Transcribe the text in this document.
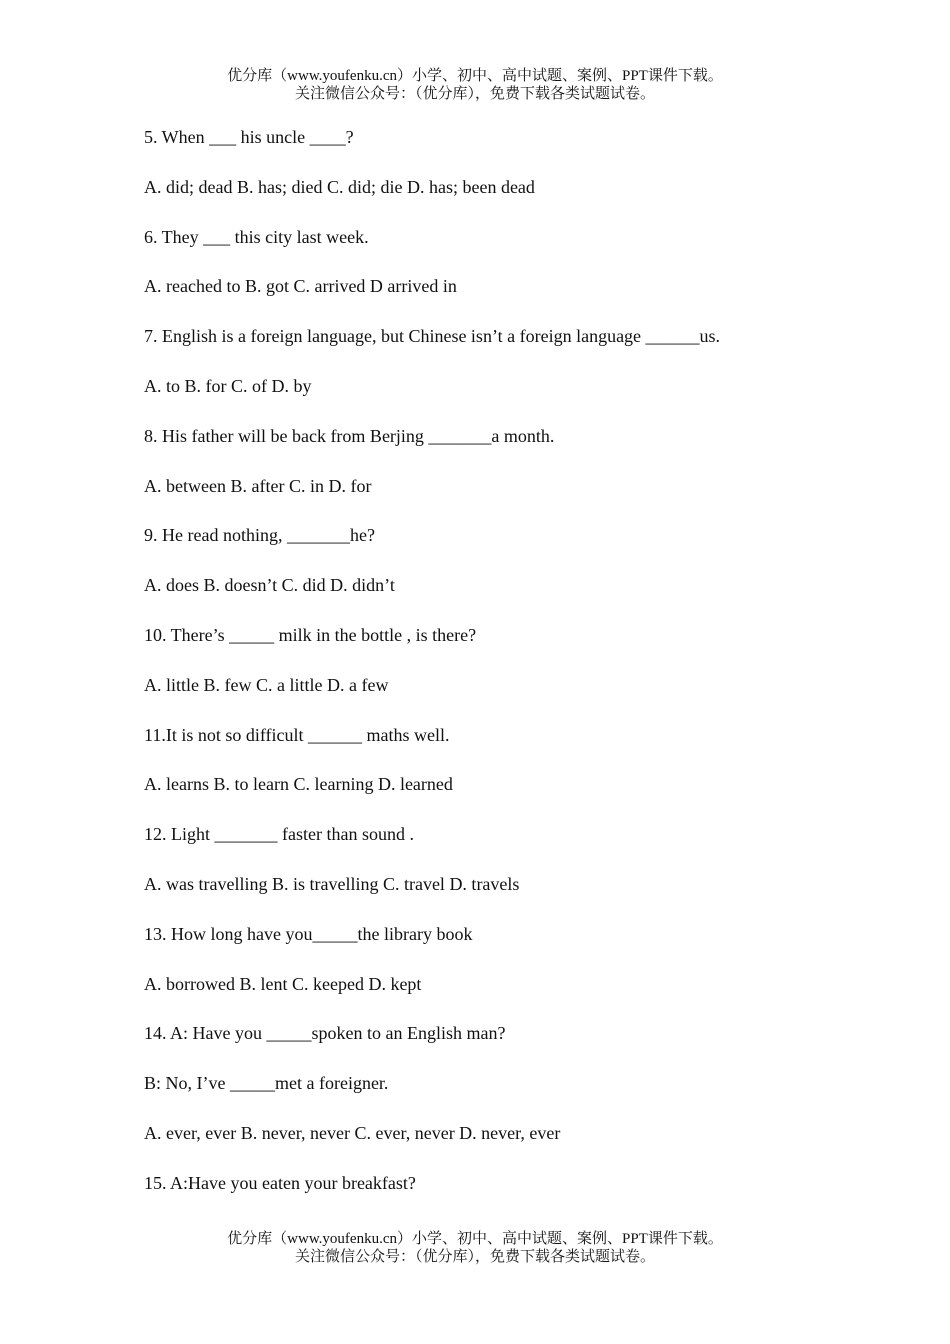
优分库（www.youfenku.cn）小学、初中、高中试题、案例、PPT课件下载。
关注微信公众号：（优分库），免费下载各类试题试卷。
5. When ___ his uncle ____?
A. did; dead B. has; died C. did; die D. has; been dead
6. They ___ this city last week.
A. reached to B. got C. arrived D arrived in
7. English is a foreign language, but Chinese isn’t a foreign language ______us.
A. to B. for C. of D. by
8. His father will be back from Berjing _______a month.
A. between B. after C. in D. for
9. He read nothing, _______he?
A. does B. doesn’t C. did D. didn’t
10. There’s _____ milk in the bottle , is there?
A. little B. few C. a little D. a few
11.It is not so difficult ______ maths well.
A. learns B. to learn C. learning D. learned
12. Light _______ faster than sound .
A. was travelling B. is travelling C. travel D. travels
13. How long have you_____the library book
A. borrowed B. lent C. keeped D. kept
14. A: Have you _____spoken to an English man?
B: No, I’ve _____met a foreigner.
A. ever, ever B. never, never C. ever, never D. never, ever
15. A:Have you eaten your breakfast?
优分库（www.youfenku.cn）小学、初中、高中试题、案例、PPT课件下载。
关注微信公众号：（优分库），免费下载各类试题试卷。
